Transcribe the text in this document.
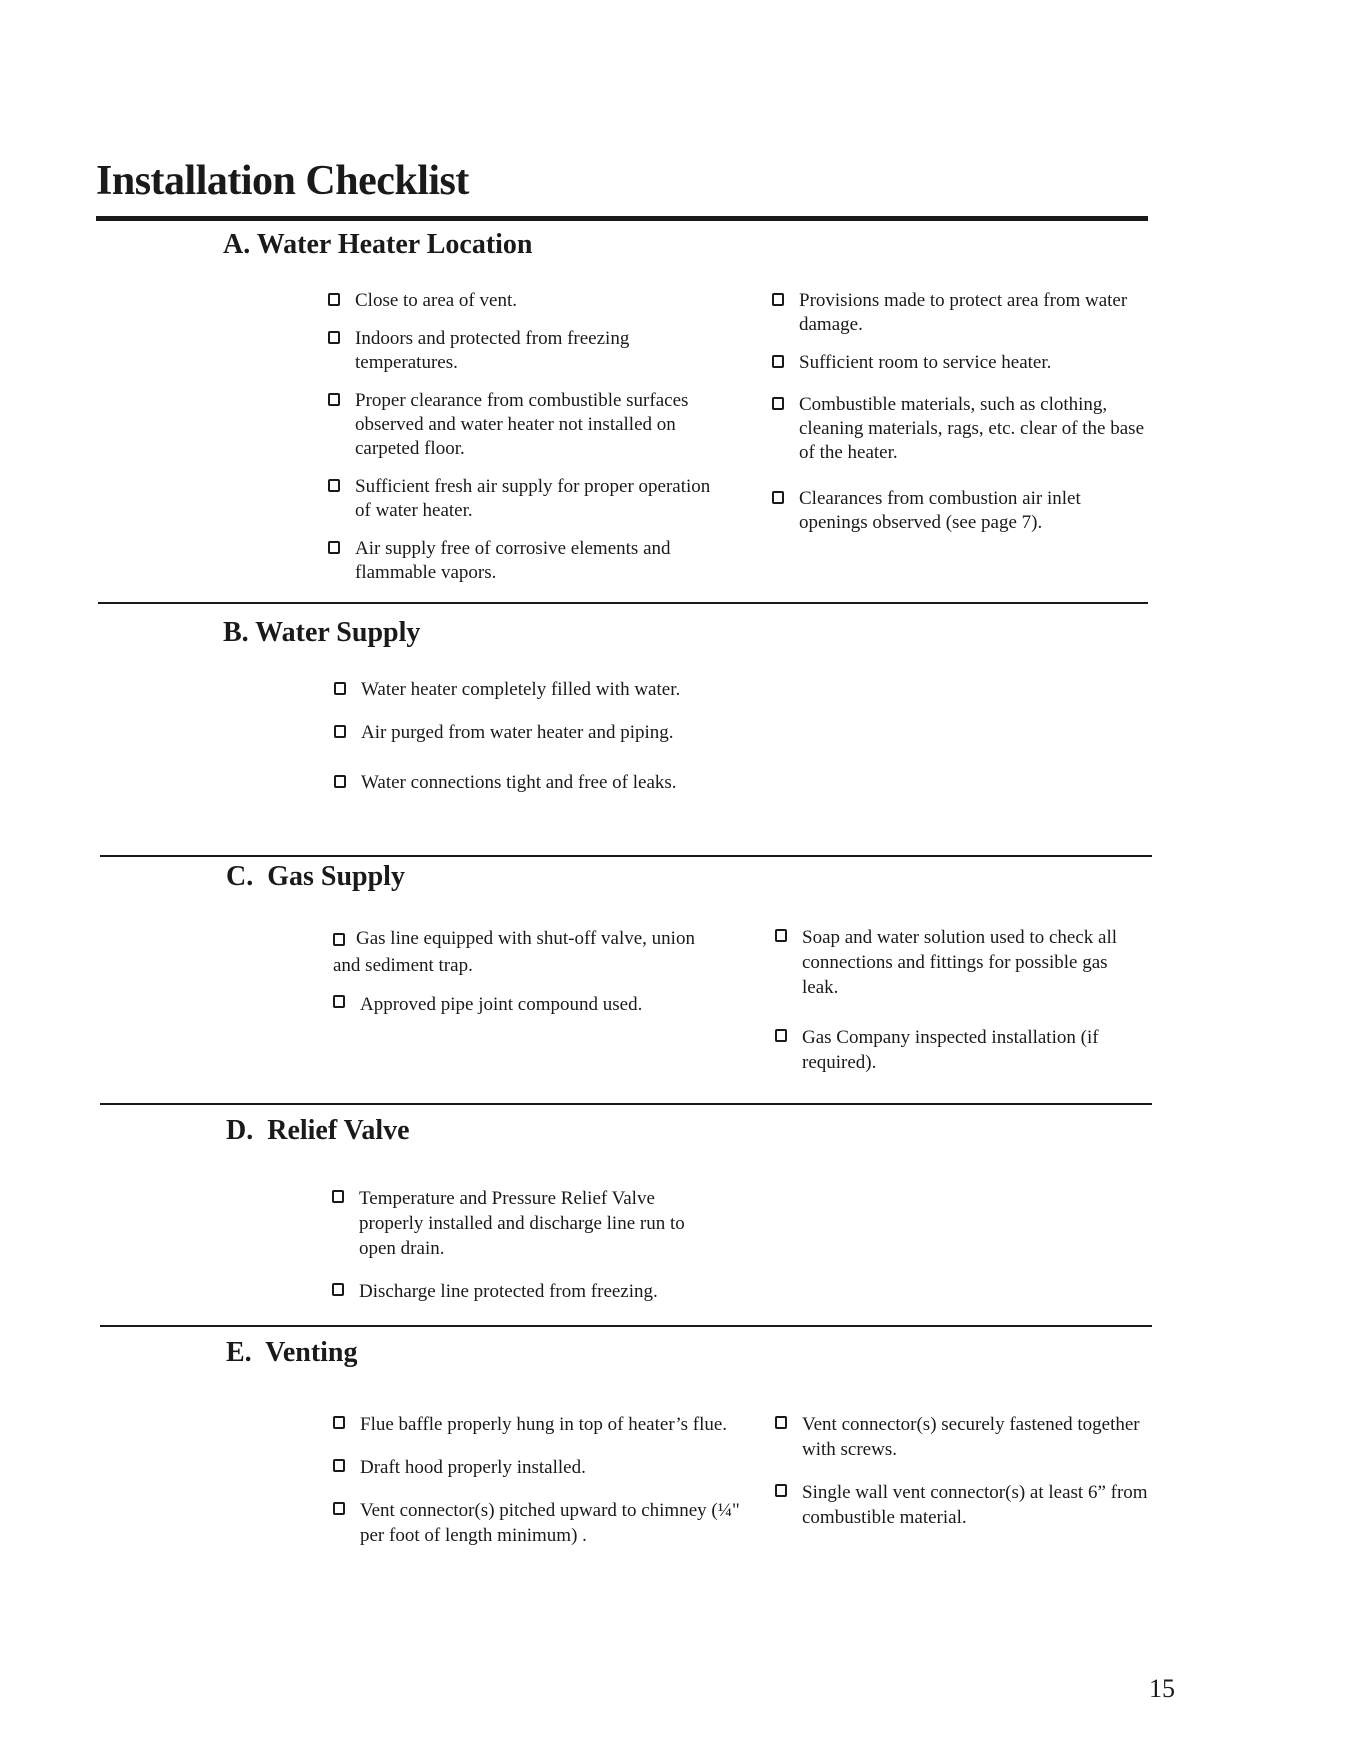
Installation Checklist
A. Water Heater Location
Close to area of vent.
Indoors and protected from freezing temperatures.
Proper clearance from combustible surfaces observed and water heater not installed on carpeted floor.
Sufficient fresh air supply for proper operation of water heater.
Air supply free of corrosive elements and flammable vapors.
Provisions made to protect area from water damage.
Sufficient room to service heater.
Combustible materials, such as clothing, cleaning materials, rags, etc. clear of the base of the heater.
Clearances from combustion air inlet openings observed (see page 7).
B. Water Supply
Water heater completely filled with water.
Air purged from water heater and piping.
Water connections tight and free of leaks.
C.  Gas Supply
Gas line equipped with shut-off valve, union and sediment trap.
Approved pipe joint compound used.
Soap and water solution used to check all connections and fittings for possible gas leak.
Gas Company inspected installation (if required).
D.  Relief Valve
Temperature and Pressure Relief Valve properly installed and discharge line run to open drain.
Discharge line protected from freezing.
E.  Venting
Flue baffle properly hung in top of heater’s flue.
Draft hood properly installed.
Vent connector(s) pitched upward to chimney (¼" per foot of length minimum) .
Vent connector(s) securely fastened together with screws.
Single wall vent connector(s) at least 6” from combustible material.
15
